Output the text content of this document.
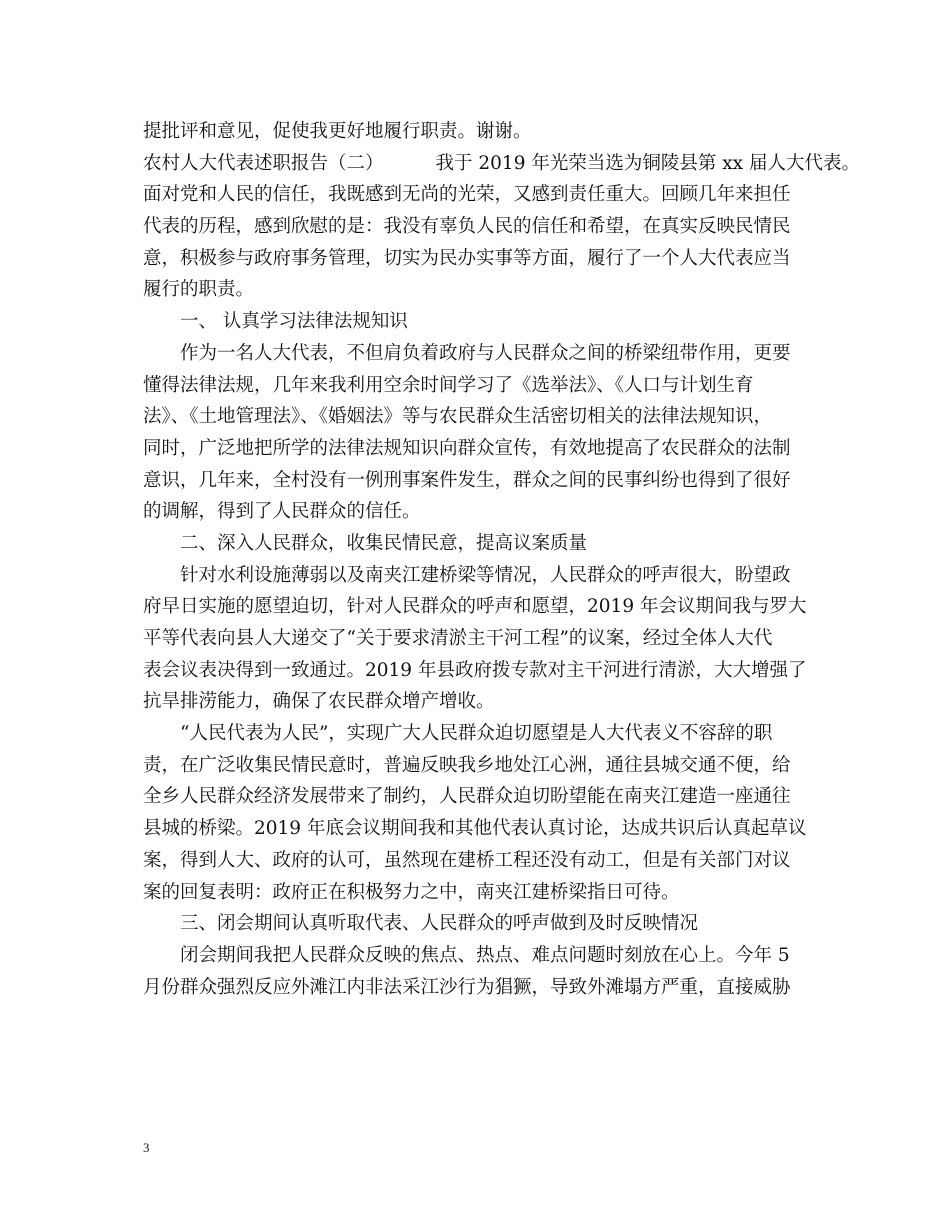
提批评和意见，促使我更好地履行职责。谢谢。
农村人大代表述职报告（二）	我于 2019 年光荣当选为铜陵县第 xx 届人大代表。
面对党和人民的信任，我既感到无尚的光荣，又感到责任重大。回顾几年来担任
代表的历程，感到欣慰的是：我没有辜负人民的信任和希望，在真实反映民情民
意，积极参与政府事务管理，切实为民办实事等方面，履行了一个人大代表应当
履行的职责。
一、 认真学习法律法规知识
作为一名人大代表，不但肩负着政府与人民群众之间的桥梁纽带作用，更要
懂得法律法规，几年来我利用空余时间学习了《选举法》、《人口与计划生育
法》、《土地管理法》、《婚姻法》等与农民群众生活密切相关的法律法规知识，
同时，广泛地把所学的法律法规知识向群众宣传，有效地提高了农民群众的法制
意识，几年来，全村没有一例刑事案件发生，群众之间的民事纠纷也得到了很好
的调解，得到了人民群众的信任。
二、深入人民群众，收集民情民意，提高议案质量
针对水利设施薄弱以及南夹江建桥梁等情况，人民群众的呼声很大，盼望政
府早日实施的愿望迫切，针对人民群众的呼声和愿望，2019 年会议期间我与罗大
平等代表向县人大递交了“关于要求清淤主干河工程”的议案，经过全体人大代
表会议表决得到一致通过。2019 年县政府拨专款对主干河进行清淤，大大增强了
抗旱排涝能力，确保了农民群众增产增收。
“人民代表为人民”，实现广大人民群众迫切愿望是人大代表义不容辞的职
责，在广泛收集民情民意时，普遍反映我乡地处江心洲，通往县城交通不便，给
全乡人民群众经济发展带来了制约，人民群众迫切盼望能在南夹江建造一座通往
县城的桥梁。2019 年底会议期间我和其他代表认真讨论，达成共识后认真起草议
案，得到人大、政府的认可，虽然现在建桥工程还没有动工，但是有关部门对议
案的回复表明：政府正在积极努力之中，南夹江建桥梁指日可待。
三、闭会期间认真听取代表、人民群众的呼声做到及时反映情况
闭会期间我把人民群众反映的焦点、热点、难点问题时刻放在心上。今年 5
月份群众强烈反应外滩江内非法采江沙行为猖獗，导致外滩塌方严重，直接威胁
3
